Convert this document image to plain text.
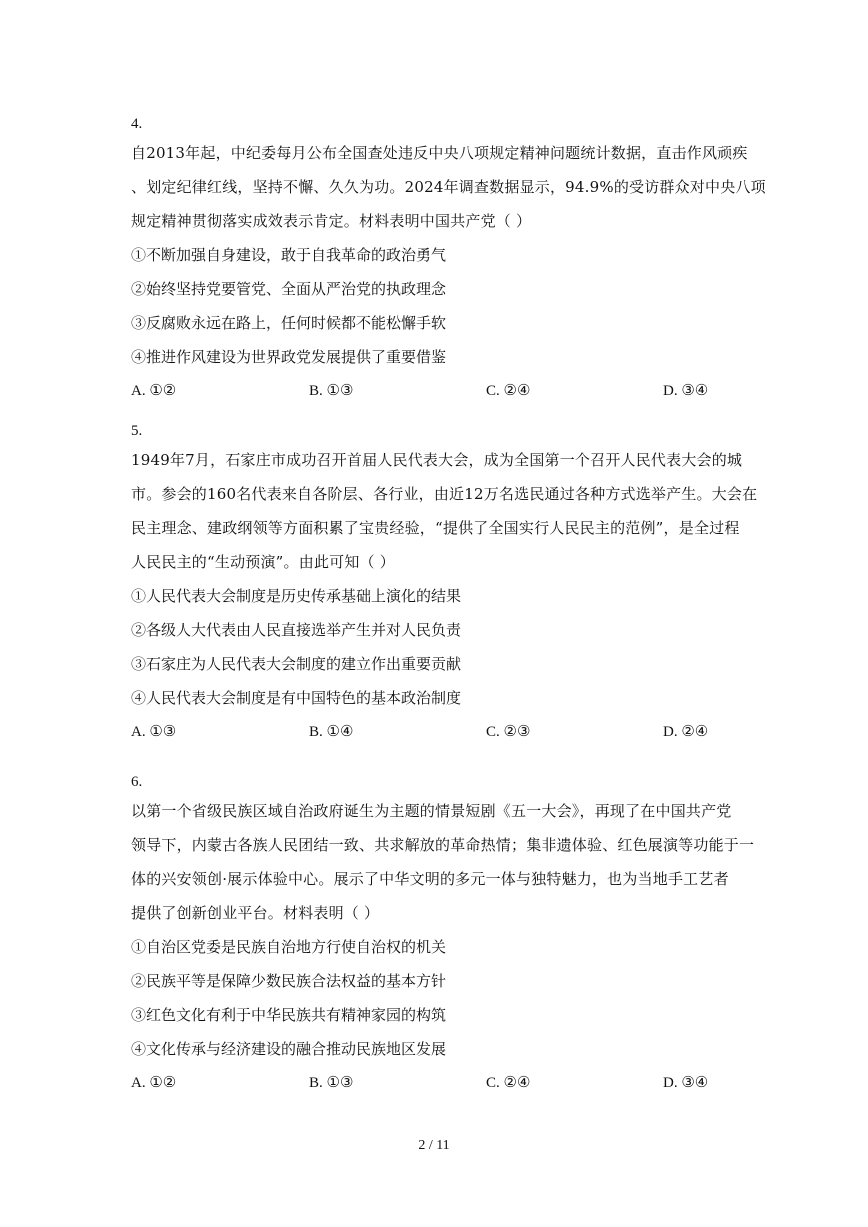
4.

自2013年起，中纪委每月公布全国查处违反中央八项规定精神问题统计数据，直击作风顽疾

、划定纪律红线，坚持不懈、久久为功。2024年调查数据显示，94.9%的受访群众对中央八项

规定精神贯彻落实成效表示肯定。材料表明中国共产党（ ）

①不断加强自身建设，敢于自我革命的政治勇气
②始终坚持党要管党、全面从严治党的执政理念
③反腐败永远在路上，任何时候都不能松懈手软
④推进作风建设为世界政党发展提供了重要借鉴
A. ①②	B. ①③	C. ②④	D. ③④
5.

1949年7月，石家庄市成功召开首届人民代表大会，成为全国第一个召开人民代表大会的城

市。参会的160名代表来自各阶层、各行业，由近12万名选民通过各种方式选举产生。大会在

民主理念、建政纲领等方面积累了宝贵经验，“提供了全国实行人民民主的范例”，是全过程

人民民主的“生动预演”。由此可知（ ）

①人民代表大会制度是历史传承基础上演化的结果
②各级人大代表由人民直接选举产生并对人民负责
③石家庄为人民代表大会制度的建立作出重要贡献
④人民代表大会制度是有中国特色的基本政治制度
A. ①③	B. ①④	C. ②③	D. ②④
6.

以第一个省级民族区域自治政府诞生为主题的情景短剧《五一大会》，再现了在中国共产党

领导下，内蒙古各族人民团结一致、共求解放的革命热情；集非遗体验、红色展演等功能于一

体的兴安领创·展示体验中心。展示了中华文明的多元一体与独特魅力，也为当地手工艺者

提供了创新创业平台。材料表明（ ）

①自治区党委是民族自治地方行使自治权的机关
②民族平等是保障少数民族合法权益的基本方针
③红色文化有利于中华民族共有精神家园的构筑
④文化传承与经济建设的融合推动民族地区发展
A. ①②	B. ①③	C. ②④	D. ③④
2 / 11
